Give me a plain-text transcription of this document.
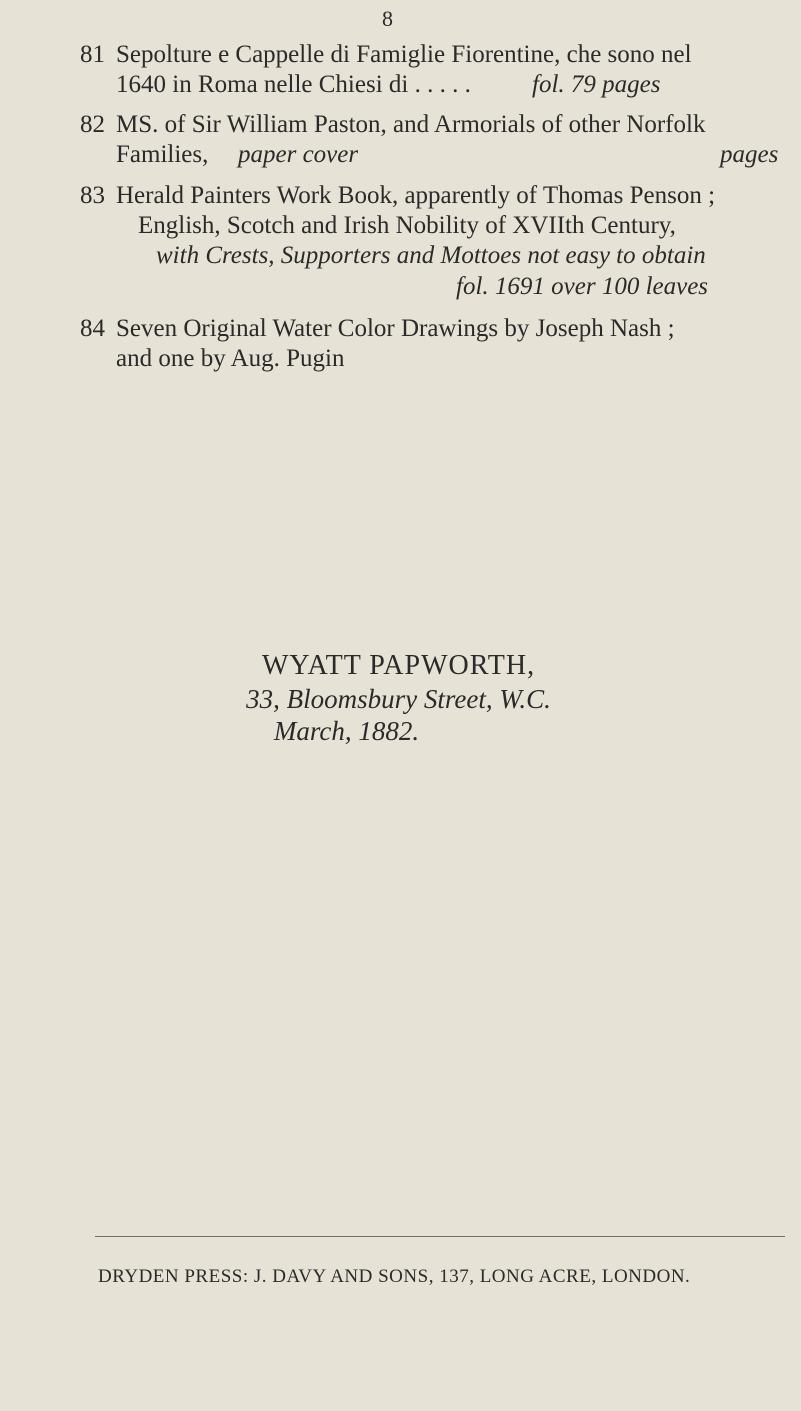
8
81 Sepolture e Cappelle di Famiglie Fiorentine, che sono nel
1640 in Roma nelle Chiesi di . . . . . fol. 79 pages
82 MS. of Sir William Paston, and Armorials of other Norfolk
Families, paper cover	pages
83 Herald Painters Work Book, apparently of Thomas Penson ;
English, Scotch and Irish Nobility of XVIIth Century,
with Crests, Supporters and Mottoes not easy to obtain
fol. 1691 over 100 leaves
84 Seven Original Water Color Drawings by Joseph Nash ;
and one by Aug. Pugin
WYATT PAPWORTH,
33, Bloomsbury Street, W.C.
March, 1882.
DRYDEN PRESS: J. DAVY AND SONS, 137, LONG ACRE, LONDON.
